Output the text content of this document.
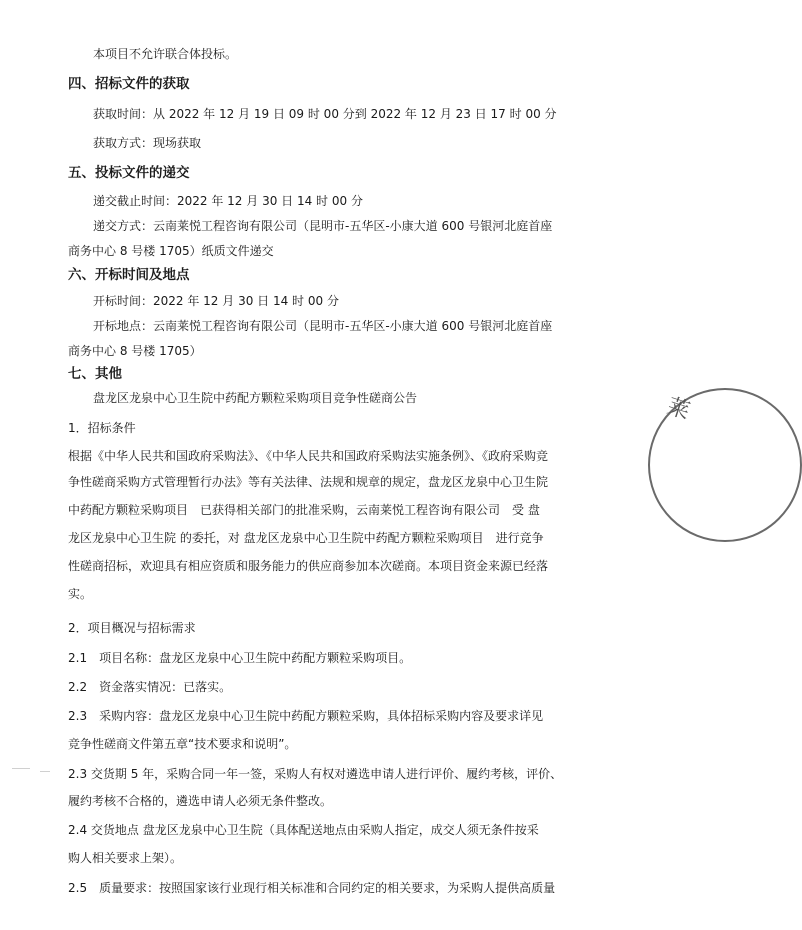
本项目不允许联合体投标。
四、招标文件的获取
获取时间：从 2022 年 12 月 19 日 09 时 00 分到 2022 年 12 月 23 日 17 时 00 分
获取方式：现场获取
五、投标文件的递交
递交截止时间：2022 年 12 月 30 日 14 时 00 分
递交方式：云南莱悦工程咨询有限公司（昆明市-五华区-小康大道 600 号银河北庭首座
商务中心 8 号楼 1705）纸质文件递交
六、开标时间及地点
开标时间：2022 年 12 月 30 日 14 时 00 分
开标地点：云南莱悦工程咨询有限公司（昆明市-五华区-小康大道 600 号银河北庭首座
商务中心 8 号楼 1705）
七、其他
盘龙区龙泉中心卫生院中药配方颗粒采购项目竞争性磋商公告
1．招标条件
根据《中华人民共和国政府采购法》、《中华人民共和国政府采购法实施条例》、《政府采购竞
争性磋商采购方式管理暂行办法》等有关法律、法规和规章的规定，盘龙区龙泉中心卫生院
中药配方颗粒采购项目　已获得相关部门的批准采购，云南莱悦工程咨询有限公司　受 盘
龙区龙泉中心卫生院 的委托，对 盘龙区龙泉中心卫生院中药配方颗粒采购项目　进行竞争
性磋商招标，欢迎具有相应资质和服务能力的供应商参加本次磋商。本项目资金来源已经落
实。
2．项目概况与招标需求
2.1　项目名称：盘龙区龙泉中心卫生院中药配方颗粒采购项目。
2.2　资金落实情况：已落实。
2.3　采购内容：盘龙区龙泉中心卫生院中药配方颗粒采购，具体招标采购内容及要求详见
竞争性磋商文件第五章“技术要求和说明”。
2.3 交货期 5 年，采购合同一年一签，采购人有权对遴选申请人进行评价、履约考核，评价、
履约考核不合格的，遴选申请人必须无条件整改。
2.4 交货地点 盘龙区龙泉中心卫生院（具体配送地点由采购人指定，成交人须无条件按采
购人相关要求上架）。
2.5　质量要求：按照国家该行业现行相关标准和合同约定的相关要求，为采购人提供高质量
莱
